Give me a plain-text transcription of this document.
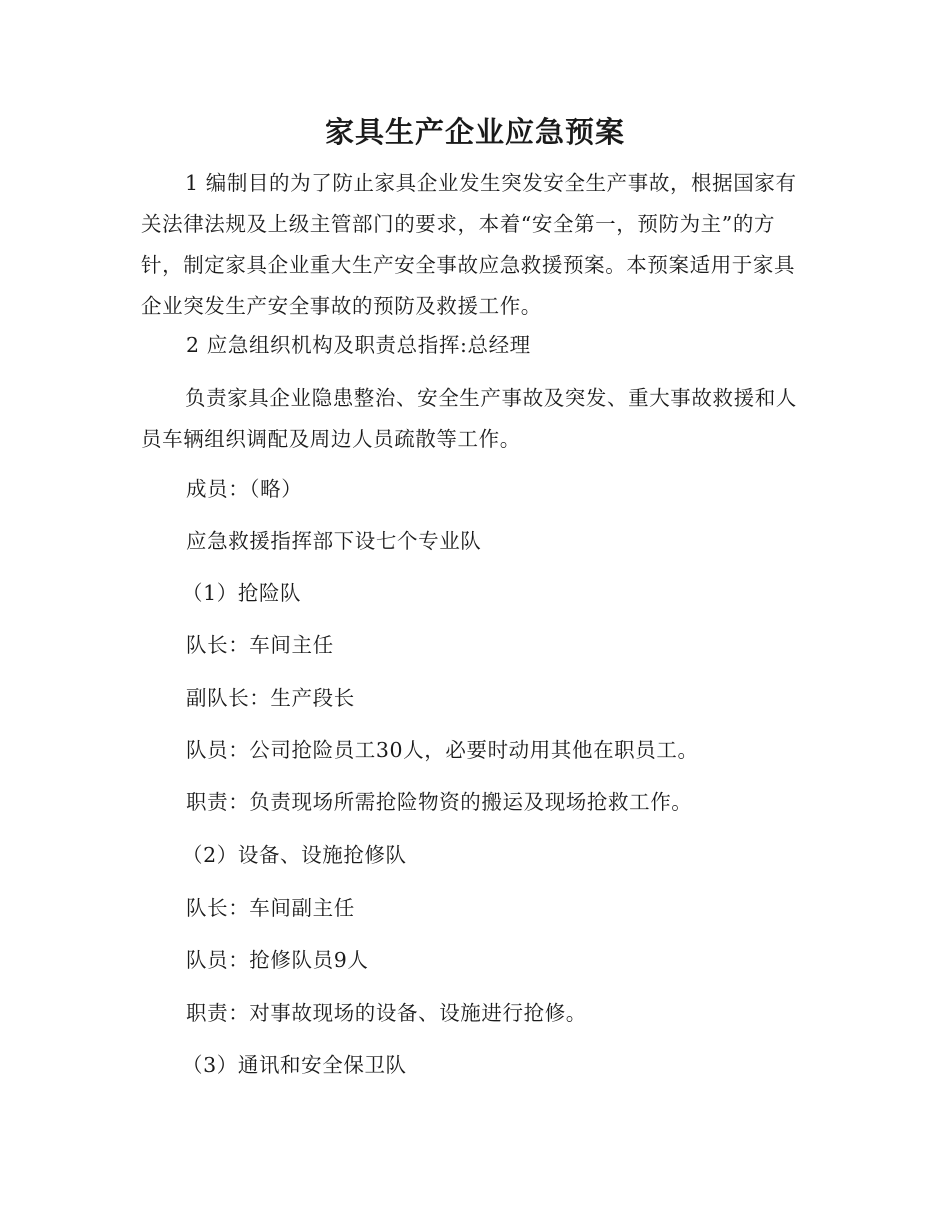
家具生产企业应急预案

1 编制目的为了防止家具企业发生突发安全生产事故，根据国家有关法律法规及上级主管部门的要求，本着“安全第一，预防为主”的方针，制定家具企业重大生产安全事故应急救援预案。本预案适用于家具企业突发生产安全事故的预防及救援工作。

2 应急组织机构及职责总指挥:总经理

负责家具企业隐患整治、安全生产事故及突发、重大事故救援和人员车辆组织调配及周边人员疏散等工作。

成员：（略）

应急救援指挥部下设七个专业队

（1）抢险队

队长：车间主任

副队长：生产段长

队员：公司抢险员工30人，必要时动用其他在职员工。

职责：负责现场所需抢险物资的搬运及现场抢救工作。

（2）设备、设施抢修队

队长：车间副主任

队员：抢修队员9人

职责：对事故现场的设备、设施进行抢修。

（3）通讯和安全保卫队
